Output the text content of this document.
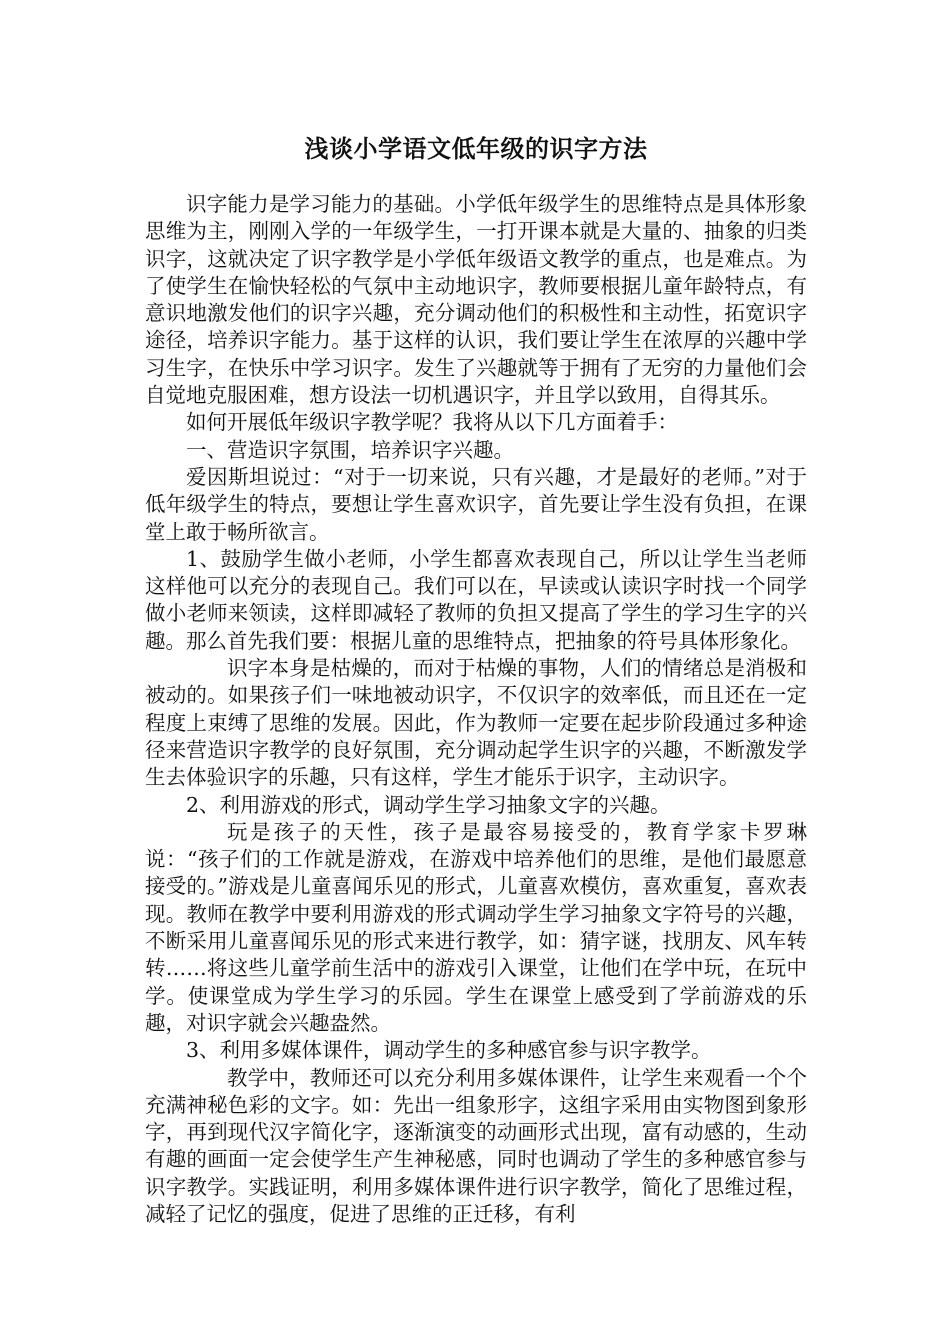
浅谈小学语文低年级的识字方法

识字能力是学习能力的基础。小学低年级学生的思维特点是具体形象思维为主，刚刚入学的一年级学生，一打开课本就是大量的、抽象的归类识字，这就决定了识字教学是小学低年级语文教学的重点，也是难点。为了使学生在愉快轻松的气氛中主动地识字，教师要根据儿童年龄特点，有意识地激发他们的识字兴趣，充分调动他们的积极性和主动性，拓宽识字途径，培养识字能力。基于这样的认识，我们要让学生在浓厚的兴趣中学习生字，在快乐中学习识字。发生了兴趣就等于拥有了无穷的力量他们会自觉地克服困难，想方设法一切机遇识字，并且学以致用，自得其乐。

如何开展低年级识字教学呢？我将从以下几方面着手：

一、营造识字氛围，培养识字兴趣。

爱因斯坦说过：“对于一切来说，只有兴趣，才是最好的老师。”对于低年级学生的特点，要想让学生喜欢识字，首先要让学生没有负担，在课堂上敢于畅所欲言。

1、鼓励学生做小老师，小学生都喜欢表现自己，所以让学生当老师这样他可以充分的表现自己。我们可以在，早读或认读识字时找一个同学做小老师来领读，这样即减轻了教师的负担又提高了学生的学习生字的兴趣。那么首先我们要：根据儿童的思维特点，把抽象的符号具体形象化。

识字本身是枯燥的，而对于枯燥的事物，人们的情绪总是消极和被动的。如果孩子们一味地被动识字，不仅识字的效率低，而且还在一定程度上束缚了思维的发展。因此，作为教师一定要在起步阶段通过多种途径来营造识字教学的良好氛围，充分调动起学生识字的兴趣，不断激发学生去体验识字的乐趣，只有这样，学生才能乐于识字，主动识字。

2、利用游戏的形式，调动学生学习抽象文字的兴趣。

玩是孩子的天性，孩子是最容易接受的，教育学家卡罗琳说：“孩子们的工作就是游戏，在游戏中培养他们的思维，是他们最愿意接受的。”游戏是儿童喜闻乐见的形式，儿童喜欢模仿，喜欢重复，喜欢表现。教师在教学中要利用游戏的形式调动学生学习抽象文字符号的兴趣，不断采用儿童喜闻乐见的形式来进行教学，如：猜字谜，找朋友、风车转转……将这些儿童学前生活中的游戏引入课堂，让他们在学中玩，在玩中学。使课堂成为学生学习的乐园。学生在课堂上感受到了学前游戏的乐趣，对识字就会兴趣盎然。

3、利用多媒体课件，调动学生的多种感官参与识字教学。

教学中，教师还可以充分利用多媒体课件，让学生来观看一个个充满神秘色彩的文字。如：先出一组象形字，这组字采用由实物图到象形字，再到现代汉字简化字，逐渐演变的动画形式出现，富有动感的，生动有趣的画面一定会使学生产生神秘感，同时也调动了学生的多种感官参与识字教学。实践证明，利用多媒体课件进行识字教学，简化了思维过程，减轻了记忆的强度，促进了思维的正迁移，有利
